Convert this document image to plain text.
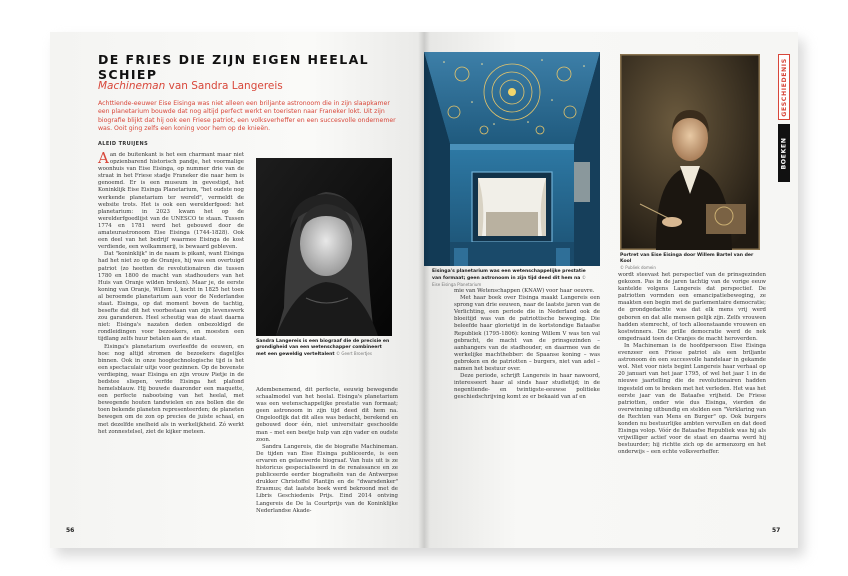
DE FRIES DIE ZIJN EIGEN HEELAL SCHIEP
Machineman van Sandra Langereis
Achttiende-eeuwer Eise Eisinga was niet alleen een briljante astronoom die in zijn slaapkamer een planetarium bouwde dat nog altijd perfect werkt en toeristen naar Franeker lokt. Uit zijn biografie blijkt dat hij ook een Friese patriot, een volksverheffer en een succesvolle ondernemer was. Ooit ging zelfs een koning voor hem op de knieën.
ALEID TRUIJENS

Aan de buitenkant is het een charmant maar niet opzienbarend historisch pandje, het voormalige woonhuis van Eise Eisinga, op nummer drie van de straat in het Friese stadje Franeker die naar hem is genoemd. Er is een museum in gevestigd, het Koninklijk Eise Eisinga Planetarium, "het oudste nog werkende planetarium ter wereld", vermeldt de website trots. Het is ook een werelderfgoed: het planetarium: in 2023 kwam het op de werelderfgoedlijst van de UNESCO te staan. Tussen 1774 en 1781 werd het gebouwd door de amateurastronoom Eise Eisinga (1744-1828). Ook een deel van het bedrijf waarmee Eisinga de kost verdiende, een wolkammerij, is bewaard gebleven.

Dat "koninklijk" in de naam is pikant, want Eisinga had het niet zo op de Oranjes, hij was een overtuigd patriot (zo heetten de revolutionairen die tussen 1780 en 1800 de macht van stadhouders van het Huis van Oranje wilden breken). Maar je, de eerste koning van Oranje, Willem I, kocht in 1825 het toen al beroemde planetarium aan voor de Nederlandse staat. Eisinga, op dat moment boven de tachtig, besefte dat dit het voorbestaan van zijn levenswerk zou garanderen. Heel scheutig was de staat daarna niet: Eisinga's nazaten deden onbezoldigd de rondleidingen voor bezoekers, en moesten een tijdlang zelfs huur betalen aan de staat.

Eisinga's planetarium overleefde de eeuwen, en hoe: nog altijd stromen de bezoekers dagelijks binnen. Ook in onze hoogtechnologische tijd is het een spectaculair uitje voor gezinnen. Op de bovenste verdieping, waar Eisinga en zijn vrouw Pietje in de bedstee sliepen, verfde Eisinga het plafond hemelsblauw. Hij bouwde daaronder een maquette, een perfecte nabootsing van het heelal, met bewegende houten tandwielen en zes bollen die de toen bekende planeten representeerden; de planeten bewegen om de zon op precies de juiste schaal, en met dezelfde snelheid als in werkelijkheid. Zó werkt het zonnestelsel, ziet de kijker meteen.

Sandra Langereis is een biograaf die de precisie en grondigheid van een wetenschapper combineert met een geweldig verteltalent © Geert Broertjes

Adembenemend, dit perfecte, eeuwig bewegende schaalmodel van het heelal. Eisinga's planetarium was een wetenschappelijke prestatie van formaat; geen astronoom in zijn tijd deed dit hem na. Ongelooflijk dat dit alles was bedacht, berekend en gebouwd door één, niet universitair geschoolde man – met een beetje hulp van zijn vader en oudste zoon.

Sandra Langereis, die de biografie Machineman. De tijden van Eise Eisinga publiceerde, is een ervaren en gelauwerde biograaf. Van huis uit is ze historicus gespecialiseerd in de renaissance en ze publiceerde eerder biografieën van de Antwerpse drukker Christoffel Plantijn en de "dwarsdenker" Erasmus; dat laatste boek werd bekroond met de Libris Geschiedenis Prijs. Eind 2014 ontving Langereis de De la Courtprijs van de Koninklijke Nederlandse Akade-

56
Eisinga's planetarium was een wetenschappelijke prestatie van formaat; geen astronoom in zijn tijd deed dit hem na © Eise Eisinga Planetarium
Portret van Eise Eisinga door Willem Bartel van der Kool
© Publiek domein
GESCHIEDENIS
BOEKEN

mie van Wetenschappen (KNAW) voor haar oeuvre.

Met haar boek over Eisinga maakt Langereis een sprong van drie eeuwen, naar de laatste jaren van de Verlichting, een periode die in Nederland ook de bloeitijd was van de patriottische beweging. Die beleefde haar glorietijd in de kortstondige Bataafse Republiek (1795-1806): koning Willem V was ten val gebracht, de macht van de prinsgezinden – aanhangers van de stadhouder, en daarmee van de werkelijke machthebber: de Spaanse koning – was gebroken en de patriotten – burgers, niet van adel – namen het bestuur over.

Deze periode, schrijft Langereis in haar nawoord, interesseert haar al sinds haar studietijd; in de negentiende- en twintigste-eeuwse politieke geschiedschrijving komt ze er bekaaid van af en

wordt steevast het perspectief van de prinsgezinden gekozen. Pas in de jaren tachtig van de vorige eeuw kantelde volgens Langereis dat perspectief. De patriotten vormden een emancipatiebeweging, ze maakten een begin met de parlementaire democratie; de grondgedachte was dat elk mens vrij werd geboren en dat alle mensen gelijk zijn. Zelfs vrouwen hadden stemrecht, of toch alleenstaande vrouwen en kostwinners. Die prille democratie werd de nek omgedraaid toen de Oranjes de macht heroverden.

In Machineman is de hoofdpersoon Eise Eisinga evenzeer een Friese patriot als een briljante astronoom én een succesvolle handelaar in gekamde wol. Niet voor niets begint Langereis haar verhaal op 20 januari van het jaar 1795, of wel het jaar 1 in de nieuwe jaartelling die de revolutionairen hadden ingesteld om te breken met het verleden. Het was het eerste jaar van de Bataafse vrijheid. De Friese patriotten, onder wie dus Eisinga, vierden de overwinning uitbundig en stelden een "Verklaring van de Rechten van Mens en Burger" op. Ook burgers konden nu bestuurlijke ambten vervullen en dat deed Eisinga volop. Vóór de Bataafse Republiek was hij als vrijwilliger actief voor de staat en daarna werd hij bestuurder; hij richtte zich op de armenzorg en het onderwijs – een echte volksverheffer.

57
